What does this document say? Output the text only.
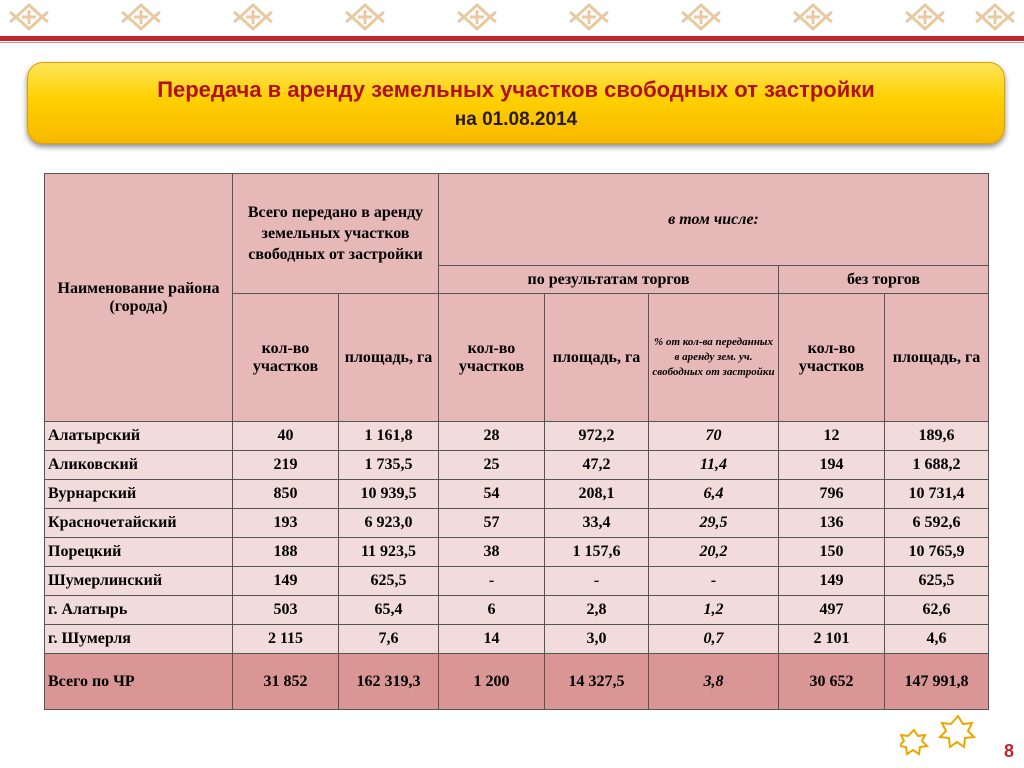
Передача в аренду земельных участков свободных от застройки
на 01.08.2014
Наименование района (города)	Всего передано в аренду земельных участков свободных от застройки		в том числе:				
			по результатам торгов			без торгов	
	кол-во участков	площадь, га	кол-во участков	площадь, га	% от кол-ва переданных в аренду зем. уч. свободных от застройки	кол-во участков	площадь, га
Алатырский	40	1 161,8	28	972,2	70	12	189,6
Аликовский	219	1 735,5	25	47,2	11,4	194	1 688,2
Вурнарский	850	10 939,5	54	208,1	6,4	796	10 731,4
Красночетайский	193	6 923,0	57	33,4	29,5	136	6 592,6
Порецкий	188	11 923,5	38	1 157,6	20,2	150	10 765,9
Шумерлинский	149	625,5	-	-	-	149	625,5
г. Алатырь	503	65,4	6	2,8	1,2	497	62,6
г. Шумерля	2 115	7,6	14	3,0	0,7	2 101	4,6
Всего по ЧР	31 852	162 319,3	1 200	14 327,5	3,8	30 652	147 991,8
8
